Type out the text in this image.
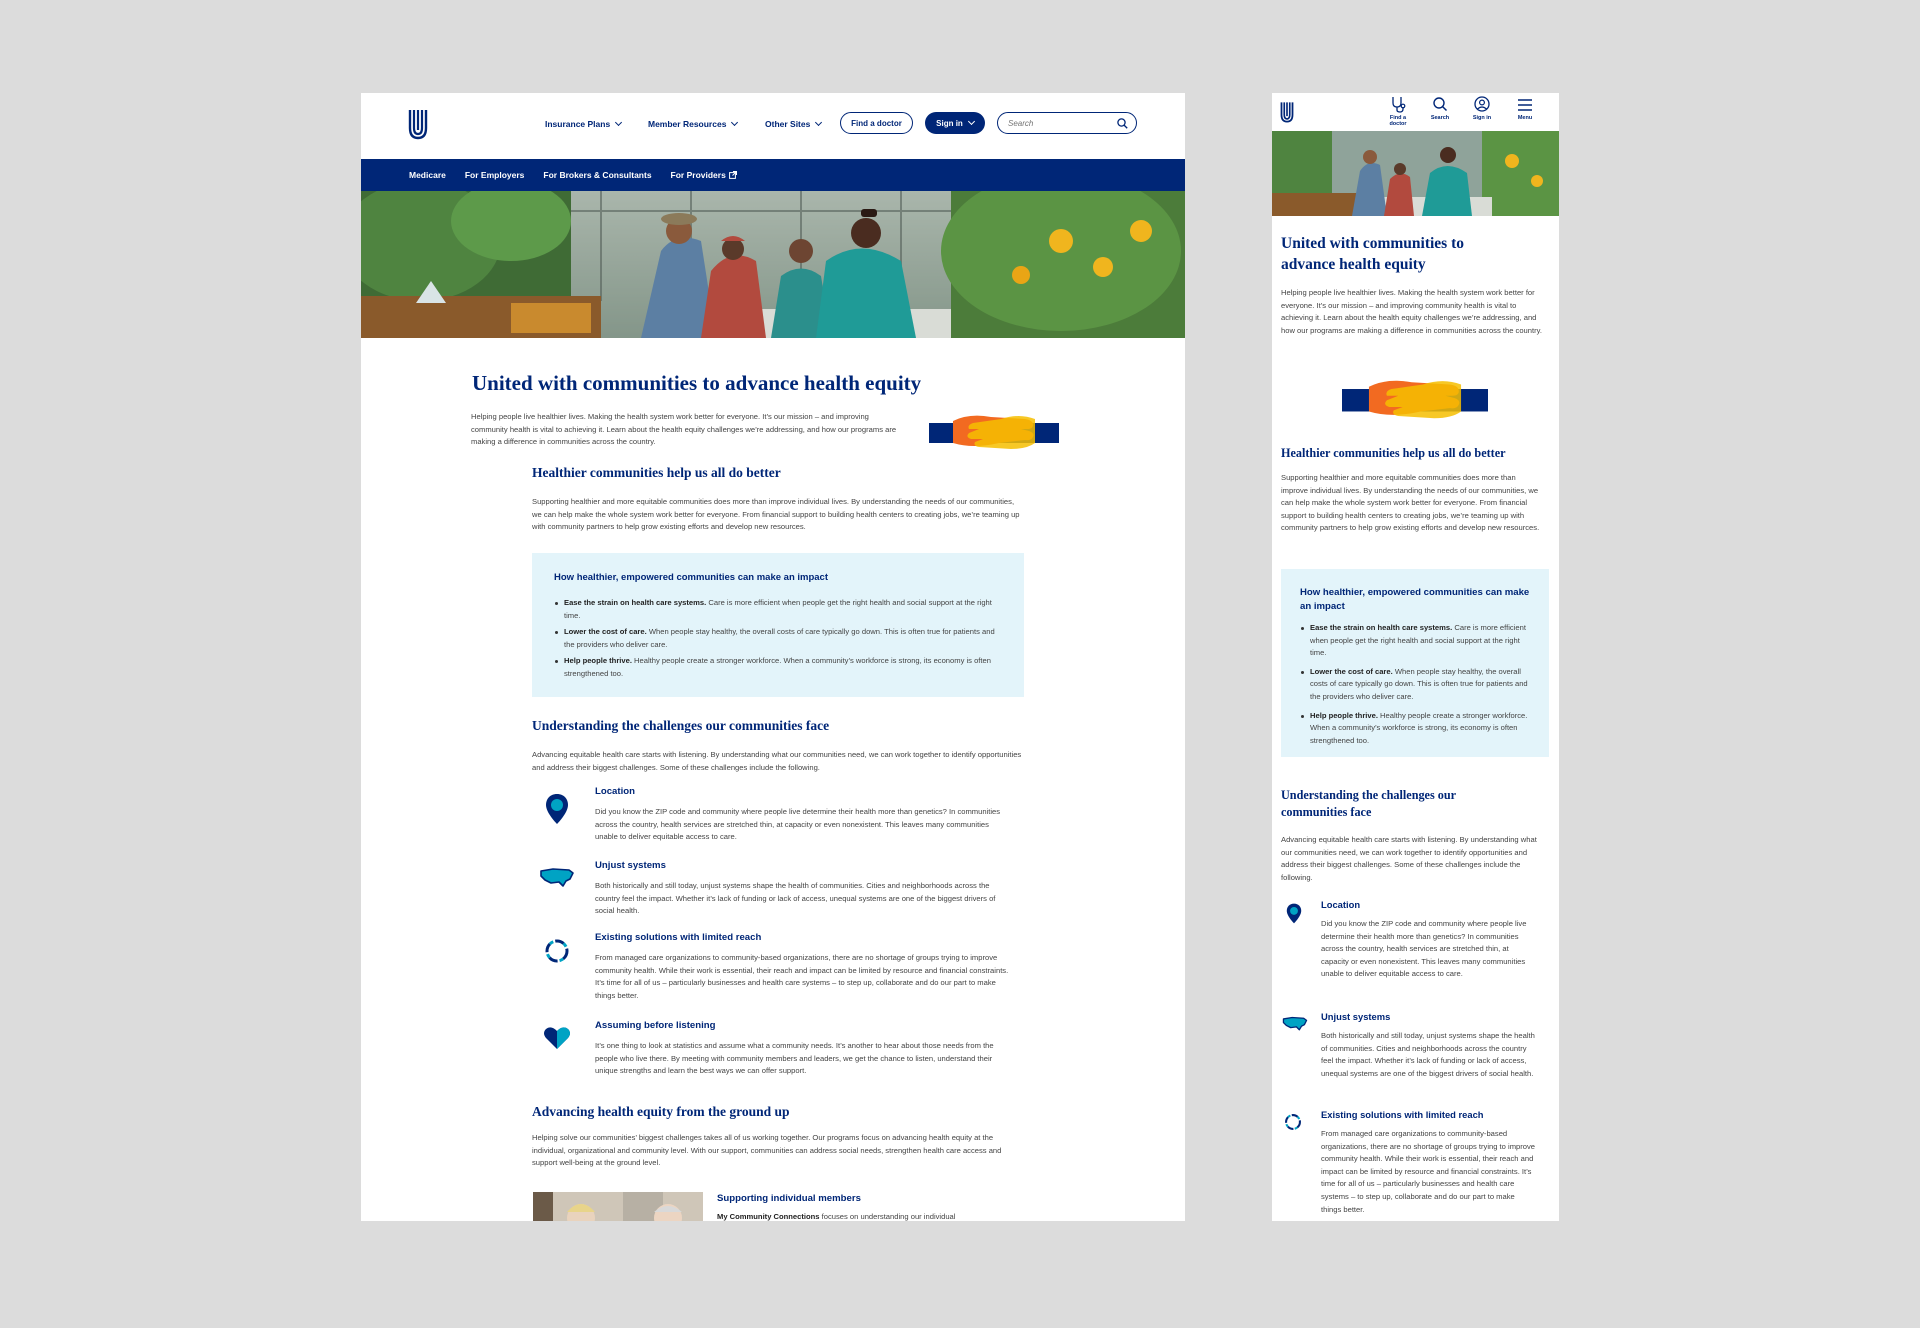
Insurance Plans	Member Resources	Other Sites	Find a doctor	Sign in
Search
Medicare For Employers For Brokers & Consultants For Providers
United with communities to advance health equity

Helping people live healthier lives. Making the health system work better for everyone. It’s our mission – and improving community health is vital to achieving it. Learn about the health equity challenges we’re addressing, and how our programs are making a difference in communities across the country.

Healthier communities help us all do better

Supporting healthier and more equitable communities does more than improve individual lives. By understanding the needs of our communities, we can help make the whole system work better for everyone. From financial support to building health centers to creating jobs, we’re teaming up with community partners to help grow existing efforts and develop new resources.

How healthier, empowered communities can make an impact
Ease the strain on health care systems. Care is more efficient when people get the right health and social support at the right time.
Lower the cost of care. When people stay healthy, the overall costs of care typically go down. This is often true for patients and the providers who deliver care.
Help people thrive. Healthy people create a stronger workforce. When a community’s workforce is strong, its economy is often strengthened too.
Understanding the challenges our communities face

Advancing equitable health care starts with listening. By understanding what our communities need, we can work together to identify opportunities and address their biggest challenges. Some of these challenges include the following.

Location

Did you know the ZIP code and community where people live determine their health more than genetics? In communities across the country, health services are stretched thin, at capacity or even nonexistent. This leaves many communities unable to deliver equitable access to care.

Unjust systems

Both historically and still today, unjust systems shape the health of communities. Cities and neighborhoods across the country feel the impact. Whether it’s lack of funding or lack of access, unequal systems are one of the biggest drivers of social health.

Existing solutions with limited reach

From managed care organizations to community-based organizations, there are no shortage of groups trying to improve community health. While their work is essential, their reach and impact can be limited by resource and financial constraints. It’s time for all of us – particularly businesses and health care systems – to step up, collaborate and do our part to make things better.

Assuming before listening

It’s one thing to look at statistics and assume what a community needs. It’s another to hear about those needs from the people who live there. By meeting with community members and leaders, we get the chance to listen, understand their unique strengths and learn the best ways we can offer support.

Advancing health equity from the ground up

Helping solve our communities’ biggest challenges takes all of us working together. Our programs focus on advancing health equity at the individual, organizational and community level. With our support, communities can address social needs, strengthen health care access and support well-being at the ground level.

Supporting individual members

My Community Connections focuses on understanding our individual

Find a doctor
Search	Sign in	Menu
United with communities to advance health equity

Helping people live healthier lives. Making the health system work better for everyone. It’s our mission – and improving community health is vital to achieving it. Learn about the health equity challenges we’re addressing, and how our programs are making a difference in communities across the country.

Healthier communities help us all do better

Supporting healthier and more equitable communities does more than improve individual lives. By understanding the needs of our communities, we can help make the whole system work better for everyone. From financial support to building health centers to creating jobs, we’re teaming up with community partners to help grow existing efforts and develop new resources.

How healthier, empowered communities can make an impact
Ease the strain on health care systems. Care is more efficient when people get the right health and social support at the right time.
Lower the cost of care. When people stay healthy, the overall costs of care typically go down. This is often true for patients and the providers who deliver care.
Help people thrive. Healthy people create a stronger workforce. When a community’s workforce is strong, its economy is often strengthened too.
Understanding the challenges our communities face

Advancing equitable health care starts with listening. By understanding what our communities need, we can work together to identify opportunities and address their biggest challenges. Some of these challenges include the following.

Location

Did you know the ZIP code and community where people live determine their health more than genetics? In communities across the country, health services are stretched thin, at capacity or even nonexistent. This leaves many communities unable to deliver equitable access to care.

Unjust systems

Both historically and still today, unjust systems shape the health of communities. Cities and neighborhoods across the country feel the impact. Whether it’s lack of funding or lack of access, unequal systems are one of the biggest drivers of social health.

Existing solutions with limited reach

From managed care organizations to community-based organizations, there are no shortage of groups trying to improve community health. While their work is essential, their reach and impact can be limited by resource and financial constraints. It’s time for all of us – particularly businesses and health care systems – to step up, collaborate and do our part to make things better.
